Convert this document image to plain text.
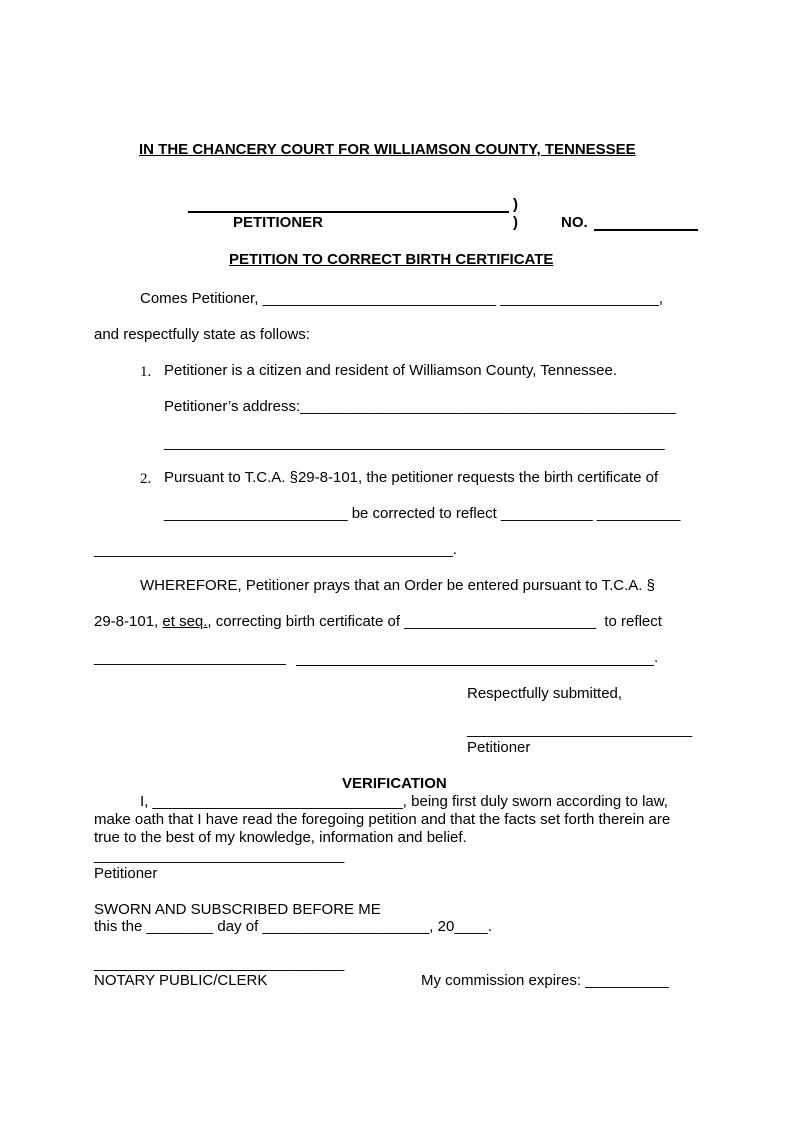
IN THE CHANCERY COURT FOR WILLIAMSON COUNTY, TENNESSEE
)
PETITIONER	)	NO.
PETITION TO CORRECT BIRTH CERTIFICATE
Comes Petitioner, ____________________________ ___________________,
and respectfully state as follows:
1. Petitioner is a citizen and resident of Williamson County, Tennessee.
Petitioner’s address:_____________________________________________
____________________________________________________________
2. Pursuant to T.C.A. §29-8-101, the petitioner requests the birth certificate of
______________________ be corrected to reflect ___________ __________
___________________________________________.
WHEREFORE, Petitioner prays that an Order be entered pursuant to T.C.A. §
29-8-101, et seq., correcting birth certificate of _______________________  to reflect
_______________________	.
Respectfully submitted,
___________________________
Petitioner
VERIFICATION
I, ______________________________, being first duly sworn according to law,
make oath that I have read the foregoing petition and that the facts set forth therein are
true to the best of my knowledge, information and belief.
______________________________
Petitioner
SWORN AND SUBSCRIBED BEFORE ME
this the ________ day of ____________________, 20____.
______________________________
NOTARY PUBLIC/CLERK	My commission expires: __________
